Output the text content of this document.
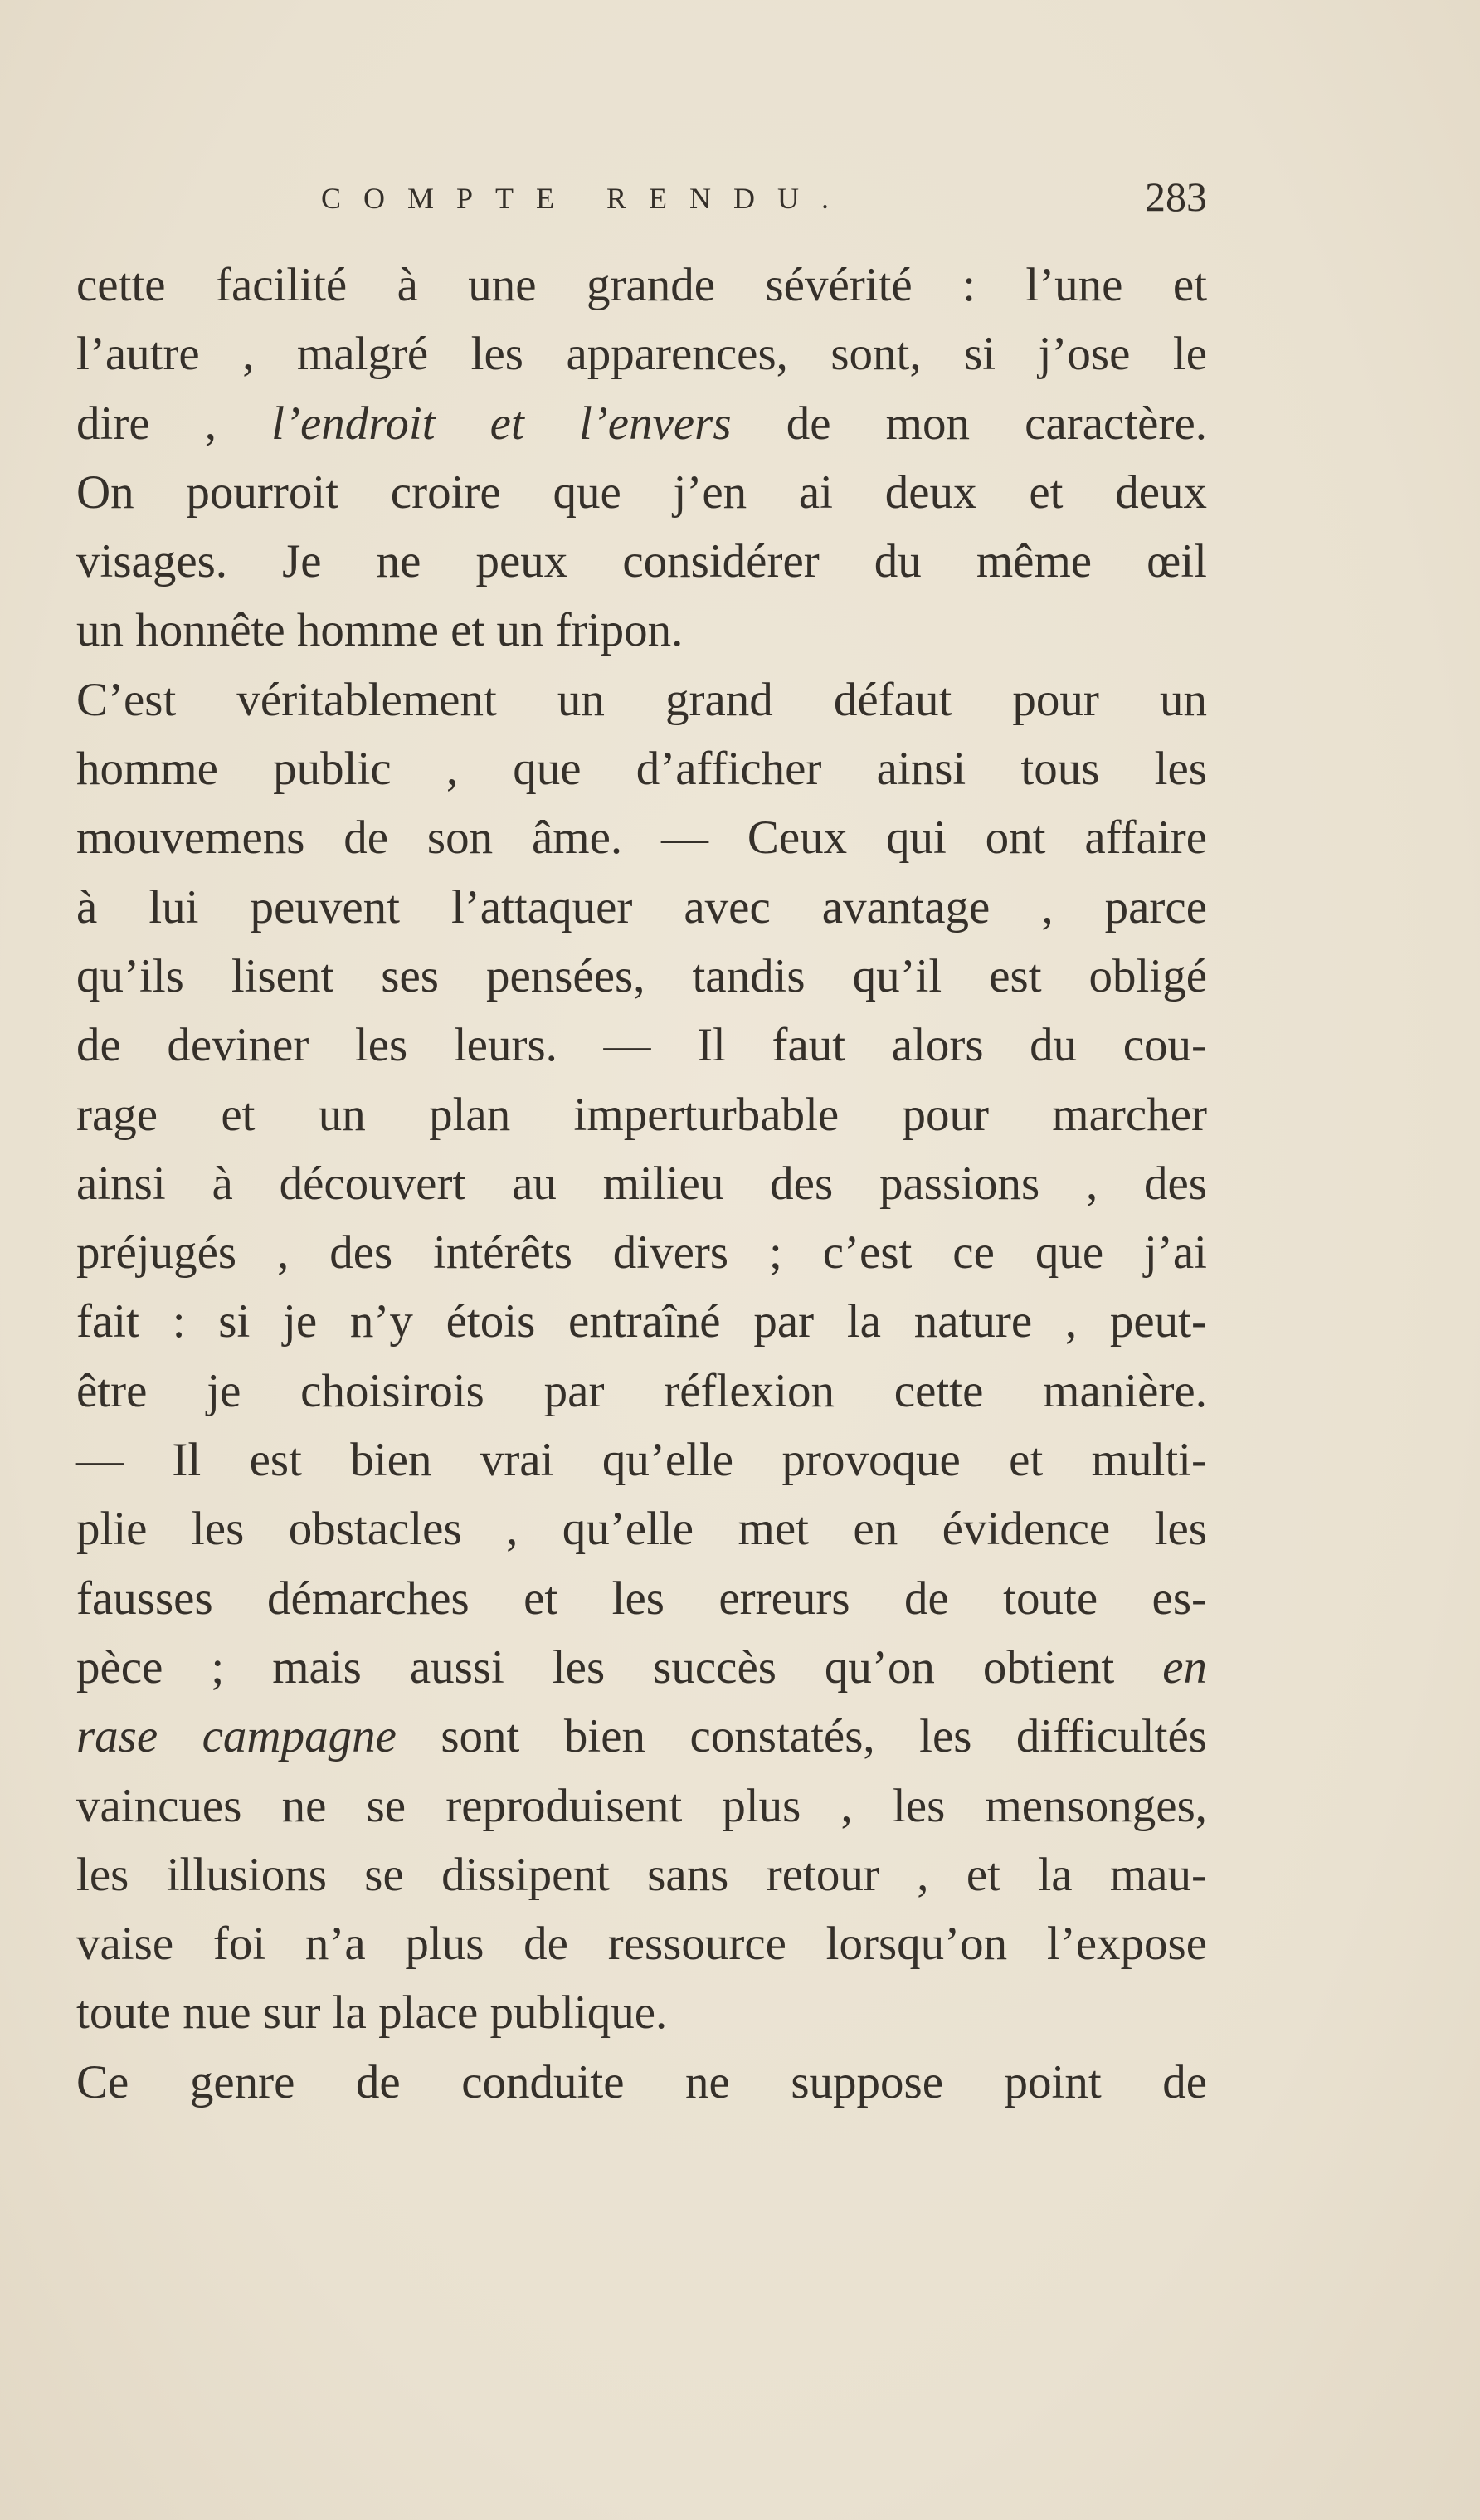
COMPTE RENDU.	283
cette facilité à une grande sévérité : l’une et
l’autre , malgré les apparences, sont, si j’ose le
dire , l’endroit et l’envers de mon caractère.
On pourroit croire que j’en ai deux et deux
visages. Je ne peux considérer du même œil
un honnête homme et un fripon.
C’est véritablement un grand défaut pour un
homme public , que d’afficher ainsi tous les
mouvemens de son âme. — Ceux qui ont affaire
à lui peuvent l’attaquer avec avantage , parce
qu’ils lisent ses pensées, tandis qu’il est obligé
de deviner les leurs. — Il faut alors du cou-
rage et un plan imperturbable pour marcher
ainsi à découvert au milieu des passions , des
préjugés , des intérêts divers ; c’est ce que j’ai
fait : si je n’y étois entraîné par la nature , peut-
être je choisirois par réflexion cette manière.
— Il est bien vrai qu’elle provoque et multi-
plie les obstacles , qu’elle met en évidence les
fausses démarches et les erreurs de toute es-
pèce ; mais aussi les succès qu’on obtient en
rase campagne sont bien constatés, les difficultés
vaincues ne se reproduisent plus , les mensonges,
les illusions se dissipent sans retour , et la mau-
vaise foi n’a plus de ressource lorsqu’on l’expose
toute nue sur la place publique.
Ce genre de conduite ne suppose point de
